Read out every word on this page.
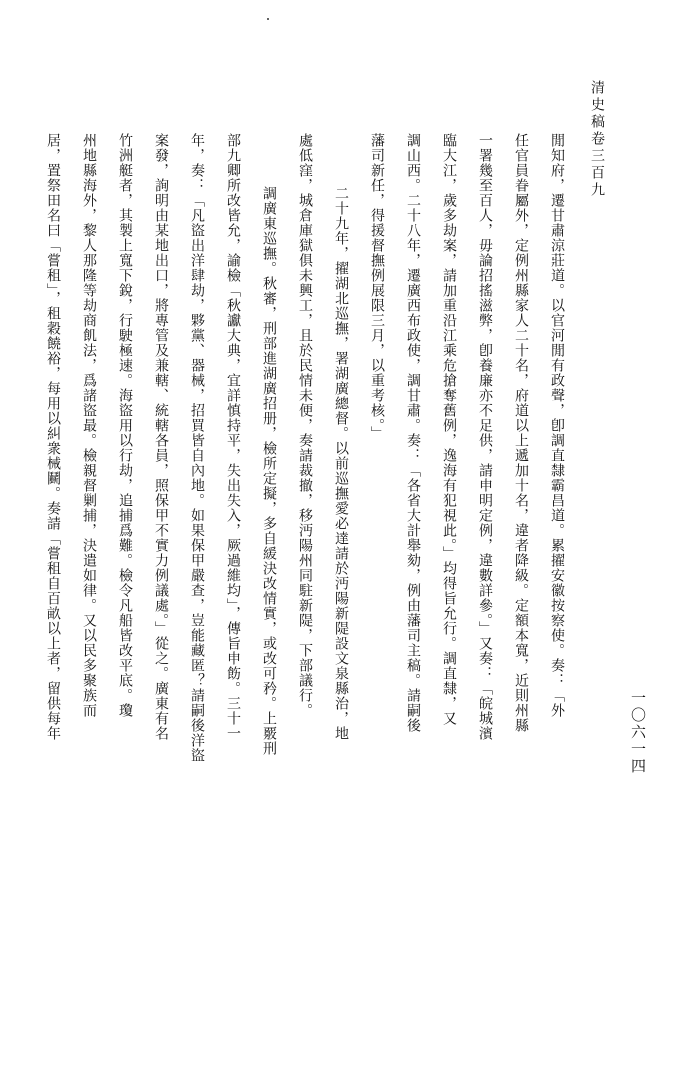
清史稿卷三百九
一〇六一四
閒知府，遷甘肅涼莊道。以官河閒有政聲，卽調直隸霸昌道。累擢安徽按察使。奏：「外
任官員眷屬外，定例州縣家人二十名，府道以上遞加十名，違者降級。定額本寬，近則州縣
一署幾至百人，毋論招搖滋弊，卽養廉亦不足供，請申明定例，違數詳參。」又奏：「皖城濱
臨大江，歲多劫案，請加重沿江乘危搶奪舊例，逸海有犯視此。」均得旨允行。調直隸，又
調山西。二十八年，遷廣西布政使，調甘肅。奏：「各省大計舉劾，例由藩司主稿。請嗣後
藩司新任，得援督撫例展限三月，以重考核。」
二十九年，擢湖北巡撫，署湖廣總督。以前巡撫愛必達請於沔陽新隄設文泉縣治，地
處低窪，城倉庫獄俱未興工，且於民情未便，奏請裁撤，移沔陽州同駐新隄，下部議行。
調廣東巡撫。秋審，刑部進湖廣招册，檢所定擬，多自緩決改情實，或改可矜。上覈刑
部九卿所改皆允，諭檢「秋讞大典，宜詳慎持平，失出失入，厥過維均」，傳旨申飭。三十一
年，奏：「凡盜出洋肆劫，夥黨、器械，招買皆自內地。如果保甲嚴查，豈能藏匿？請嗣後洋盜
案發，詢明由某地出口，將專管及兼轄、統轄各員，照保甲不實力例議處。」從之。廣東有名
竹洲艇者，其製上寬下銳，行駛極速。海盜用以行劫，追捕爲難。檢令凡船皆改平底。瓊
州地縣海外，黎人那隆等劫商飢法，爲諸盜最。檢親督剿捕，決遣如律。又以民多聚族而
居，置祭田名曰「嘗租」，租穀饒裕，每用以糾衆械鬭。奏請「嘗租自百畝以上者，留供每年
